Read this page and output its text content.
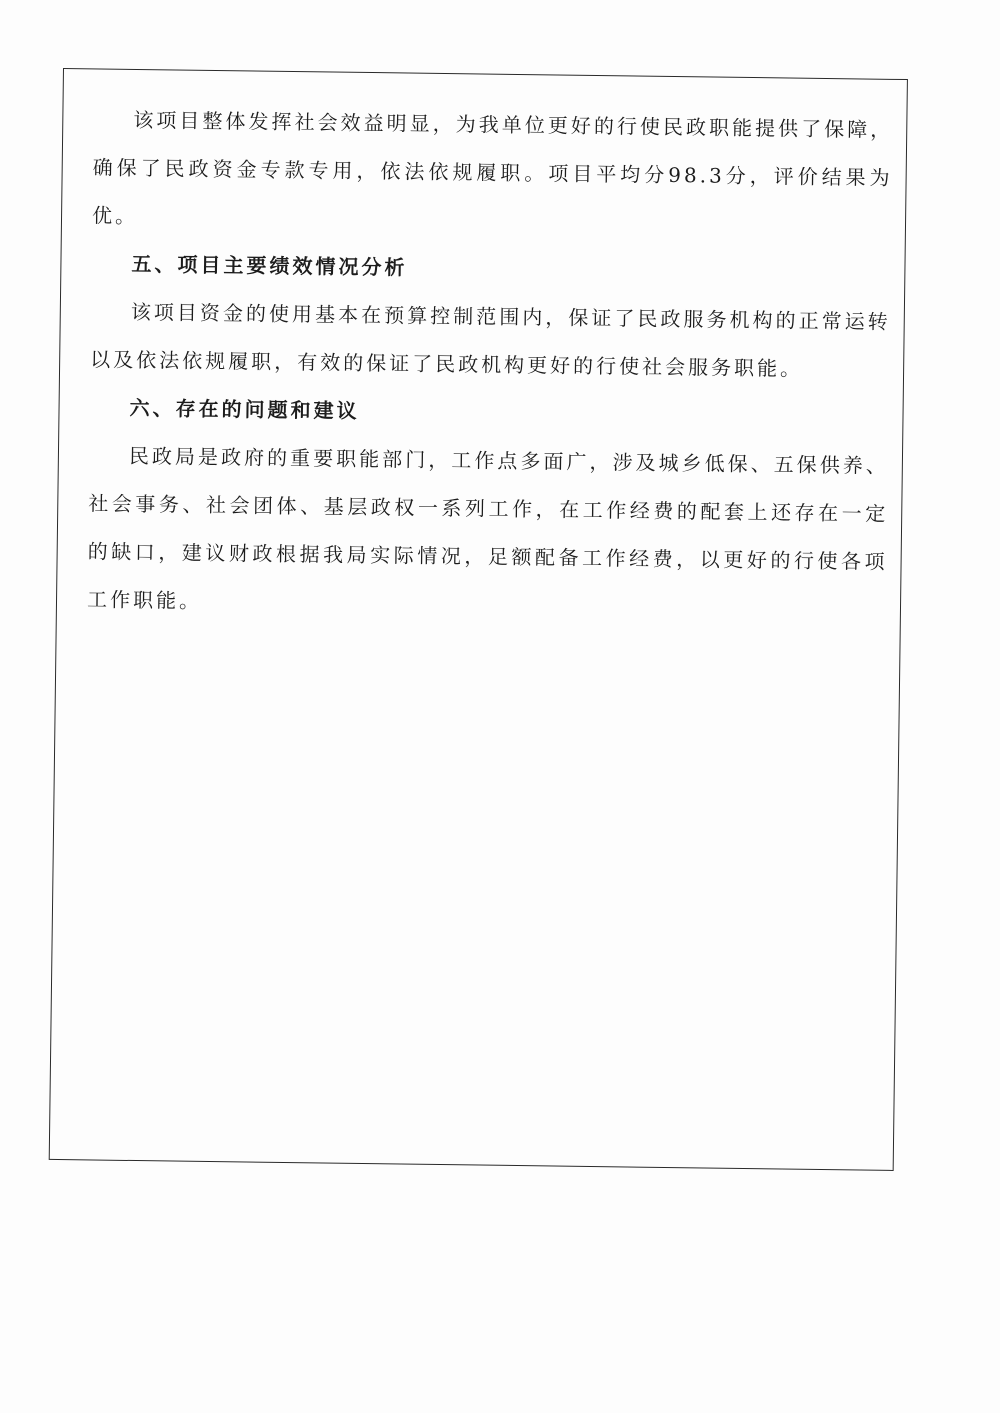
该项目整体发挥社会效益明显，为我单位更好的行使民政职能提供了保障，确保了民政资金专款专用，依法依规履职。项目平均分98.3分，评价结果为优。

五、项目主要绩效情况分析

该项目资金的使用基本在预算控制范围内，保证了民政服务机构的正常运转以及依法依规履职，有效的保证了民政机构更好的行使社会服务职能。

六、存在的问题和建议

民政局是政府的重要职能部门，工作点多面广，涉及城乡低保、五保供养、社会事务、社会团体、基层政权一系列工作，在工作经费的配套上还存在一定的缺口，建议财政根据我局实际情况，足额配备工作经费，以更好的行使各项工作职能。
